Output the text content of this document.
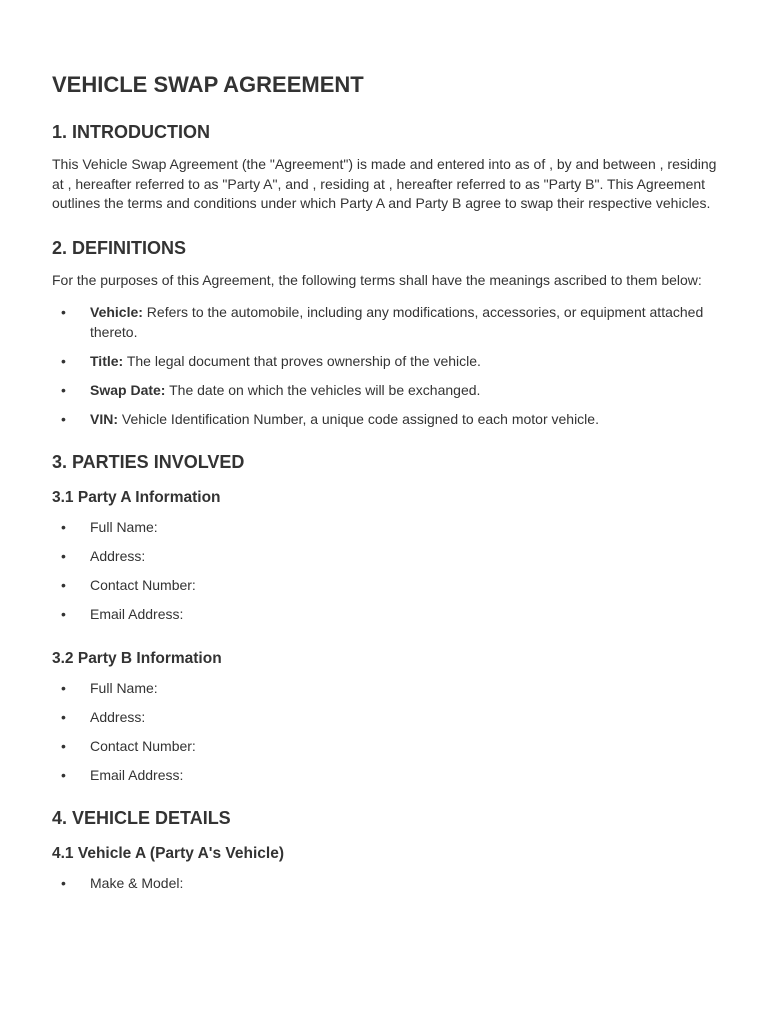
VEHICLE SWAP AGREEMENT
1. INTRODUCTION

This Vehicle Swap Agreement (the "Agreement") is made and entered into as of , by and between , residing at , hereafter referred to as "Party A", and , residing at , hereafter referred to as "Party B". This Agreement outlines the terms and conditions under which Party A and Party B agree to swap their respective vehicles.

2. DEFINITIONS

For the purposes of this Agreement, the following terms shall have the meanings ascribed to them below:

• Vehicle: Refers to the automobile, including any modifications, accessories, or equipment attached thereto.
• Title: The legal document that proves ownership of the vehicle.
• Swap Date: The date on which the vehicles will be exchanged.
• VIN: Vehicle Identification Number, a unique code assigned to each motor vehicle.
3. PARTIES INVOLVED
3.1 Party A Information
• Full Name:
• Address:
• Contact Number:
• Email Address:
3.2 Party B Information
• Full Name:
• Address:
• Contact Number:
• Email Address:
4. VEHICLE DETAILS
4.1 Vehicle A (Party A's Vehicle)
• Make & Model:
